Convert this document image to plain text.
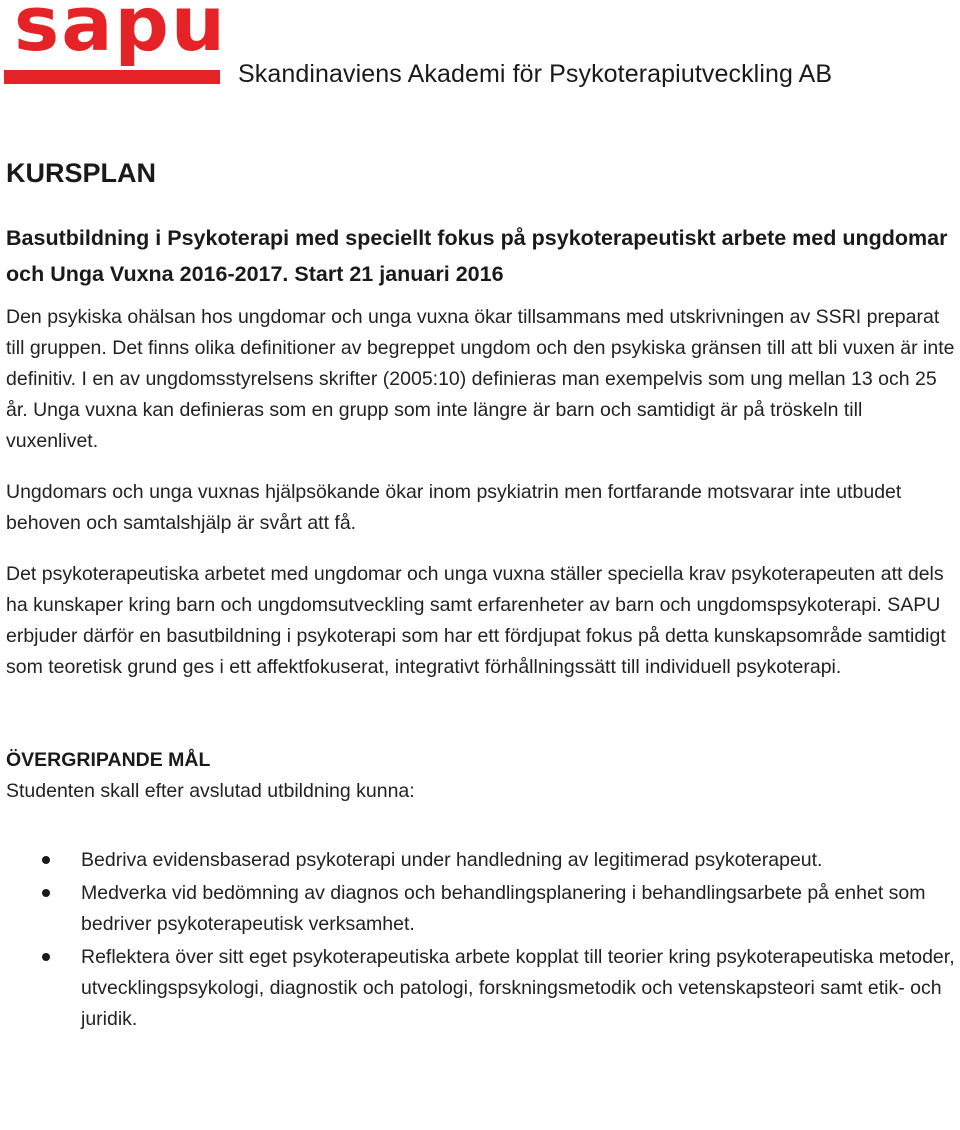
sapu
Skandinaviens Akademi för Psykoterapiutveckling AB
KURSPLAN
Basutbildning i Psykoterapi med speciellt fokus på psykoterapeutiskt arbete med ungdomar och Unga Vuxna 2016-2017. Start 21 januari 2016

Den psykiska ohälsan hos ungdomar och unga vuxna ökar tillsammans med utskrivningen av SSRI preparat till gruppen. Det finns olika definitioner av begreppet ungdom och den psykiska gränsen till att bli vuxen är inte definitiv. I en av ungdomsstyrelsens skrifter (2005:10) definieras man exempelvis som ung mellan 13 och 25 år. Unga vuxna kan definieras som en grupp som inte längre är barn och samtidigt är på tröskeln till vuxenlivet.

Ungdomars och unga vuxnas hjälpsökande ökar inom psykiatrin men fortfarande motsvarar inte utbudet behoven och samtalshjälp är svårt att få.

Det psykoterapeutiska arbetet med ungdomar och unga vuxna ställer speciella krav psykoterapeuten att dels ha kunskaper kring barn och ungdomsutveckling samt erfarenheter av barn och ungdomspsykoterapi. SAPU erbjuder därför en basutbildning i psykoterapi som har ett fördjupat fokus på detta kunskapsområde samtidigt som teoretisk grund ges i ett affektfokuserat, integrativt förhållningssätt till individuell psykoterapi.

ÖVERGRIPANDE MÅL

Studenten skall efter avslutad utbildning kunna:

Bedriva evidensbaserad psykoterapi under handledning av legitimerad psykoterapeut.
Medverka vid bedömning av diagnos och behandlingsplanering i behandlingsarbete på enhet som bedriver psykoterapeutisk verksamhet.
Reflektera över sitt eget psykoterapeutiska arbete kopplat till teorier kring psykoterapeutiska metoder, utvecklingspsykologi, diagnostik och patologi, forskningsmetodik och vetenskapsteori samt etik- och juridik.
